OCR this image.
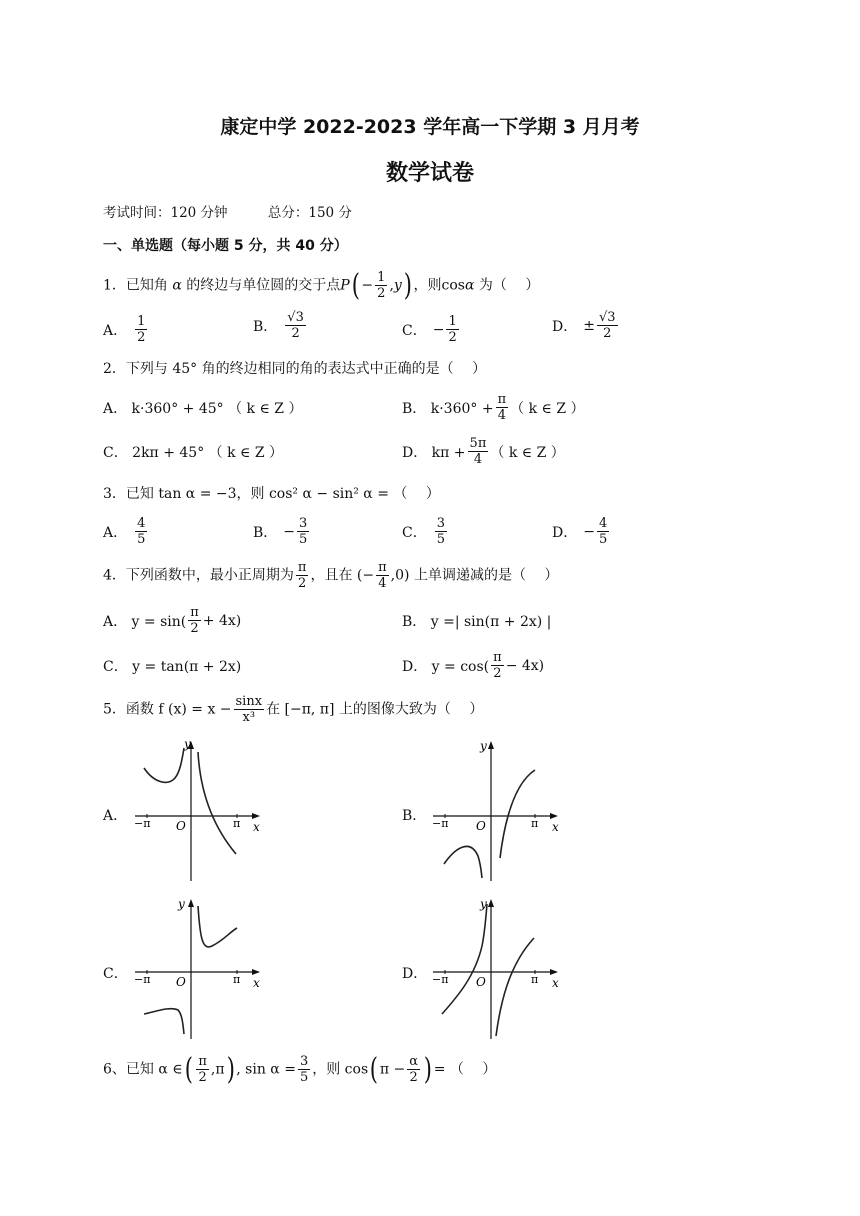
康定中学 2022-2023 学年高一下学期 3 月月考
数学试卷
考试时间：120 分钟	总分：150 分
一、单选题（每小题 5 分，共 40 分）
1．已知角 α 的终边与单位圆的交于点$P( - \frac{1}{2} ,y)$ ，则cosα 为（　 ）
A． $\frac{1}{2}$	B． $\frac{√3}{2}$	C． − $\frac{1}{2}$	D． ± $\frac{√3}{2}$
2．下列与 45° 角的终边相同的角的表达式中正确的是（　 ）
A． k·360° + 45° （ k ∈ Z ）	B． $k\cdot 360^\circ + \frac{\pi}{4}$ （ k ∈ Z ）
C． 2kπ + 45° （ k ∈ Z ）	D． $k\pi + \frac{5\pi}{4}$ （ k ∈ Z ）
3．已知 tan α = −3，则 cos² α − sin² α = （　 ）
A． $\frac{4}{5}$	B． − $\frac{3}{5}$	C． $\frac{3}{5}$	D． − $\frac{4}{5}$
4．下列函数中，最小正周期为 $\frac{\pi}{2}$ ，且在 (− $\frac{\pi}{4} ,0$) 上单调递减的是（　 ）
A． $y = \sin( \frac{\pi}{2} + 4x)$	B． y =| sin(π + 2x) |
C． y = tan(π + 2x)	D． $y = \cos( \frac{\pi}{2} - 4x)$
5．函数 f $(x) = x - \frac{\sin x}{\text{x³}}$ 在 [−π, π] 上的图像大致为（　 ）
A．	B．
C．	D．
y
x
O
−π	π
y
x
O
−π	π
y
x
O
−π	π
y
x
O
−π	π
6、已知 α ∈( $\frac{\pi}{2} ,\pi$) , $\sin \alpha = \frac{3}{5}$ ，则 cos( $\pi - \frac{\alpha}{2}$ ) = （　 ）
